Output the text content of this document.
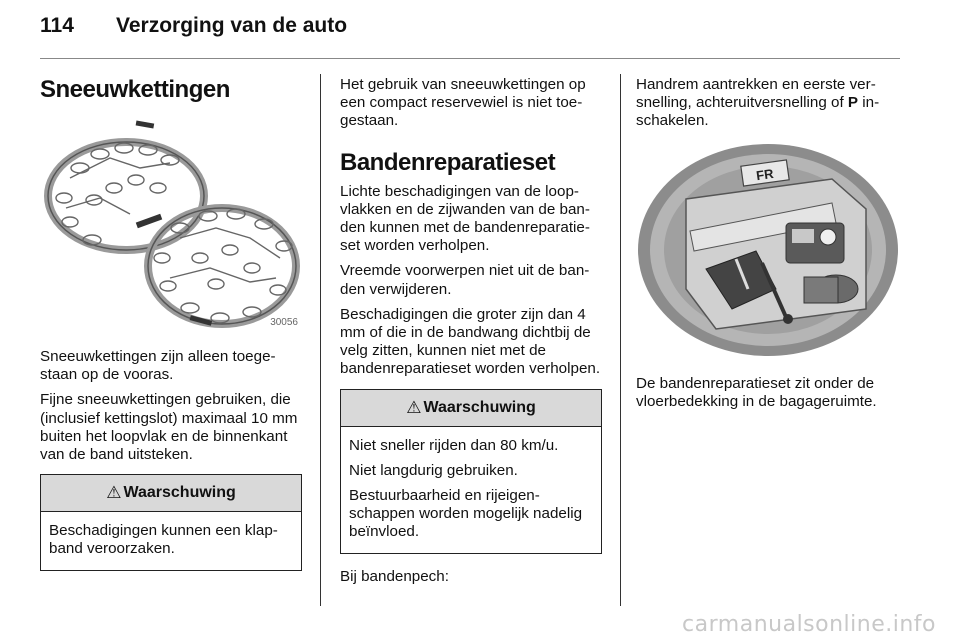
114 Verzorging van de auto
Sneeuwkettingen
30056

Sneeuwkettingen zijn alleen toegestaan op de vooras.

Fijne sneeuwkettingen gebruiken, die (inclusief kettingslot) maximaal 10 mm buiten het loopvlak en de binnenkant van de band uitsteken.

⚠ Waarschuwing

Beschadigingen kunnen een klapband veroorzaken.

Het gebruik van sneeuwkettingen op een compact reservewiel is niet toegestaan.

Bandenreparatieset

Lichte beschadigingen van de loopvlakken en de zijwanden van de banden kunnen met de bandenreparatieset worden verholpen.

Vreemde voorwerpen niet uit de banden verwijderen.

Beschadigingen die groter zijn dan 4 mm of die in de bandwang dichtbij de velg zitten, kunnen niet met de bandenreparatieset worden verholpen.

⚠ Waarschuwing

Niet sneller rijden dan 80 km/u.

Niet langdurig gebruiken.

Bestuurbaarheid en rijeigenschappen worden mogelijk nadelig beïnvloed.

Bij bandenpech:

Handrem aantrekken en eerste versnelling, achteruitversnelling of P inschakelen.

FR

De bandenreparatieset zit onder de vloerbedekking in de bagageruimte.

carmanualsonline.info
